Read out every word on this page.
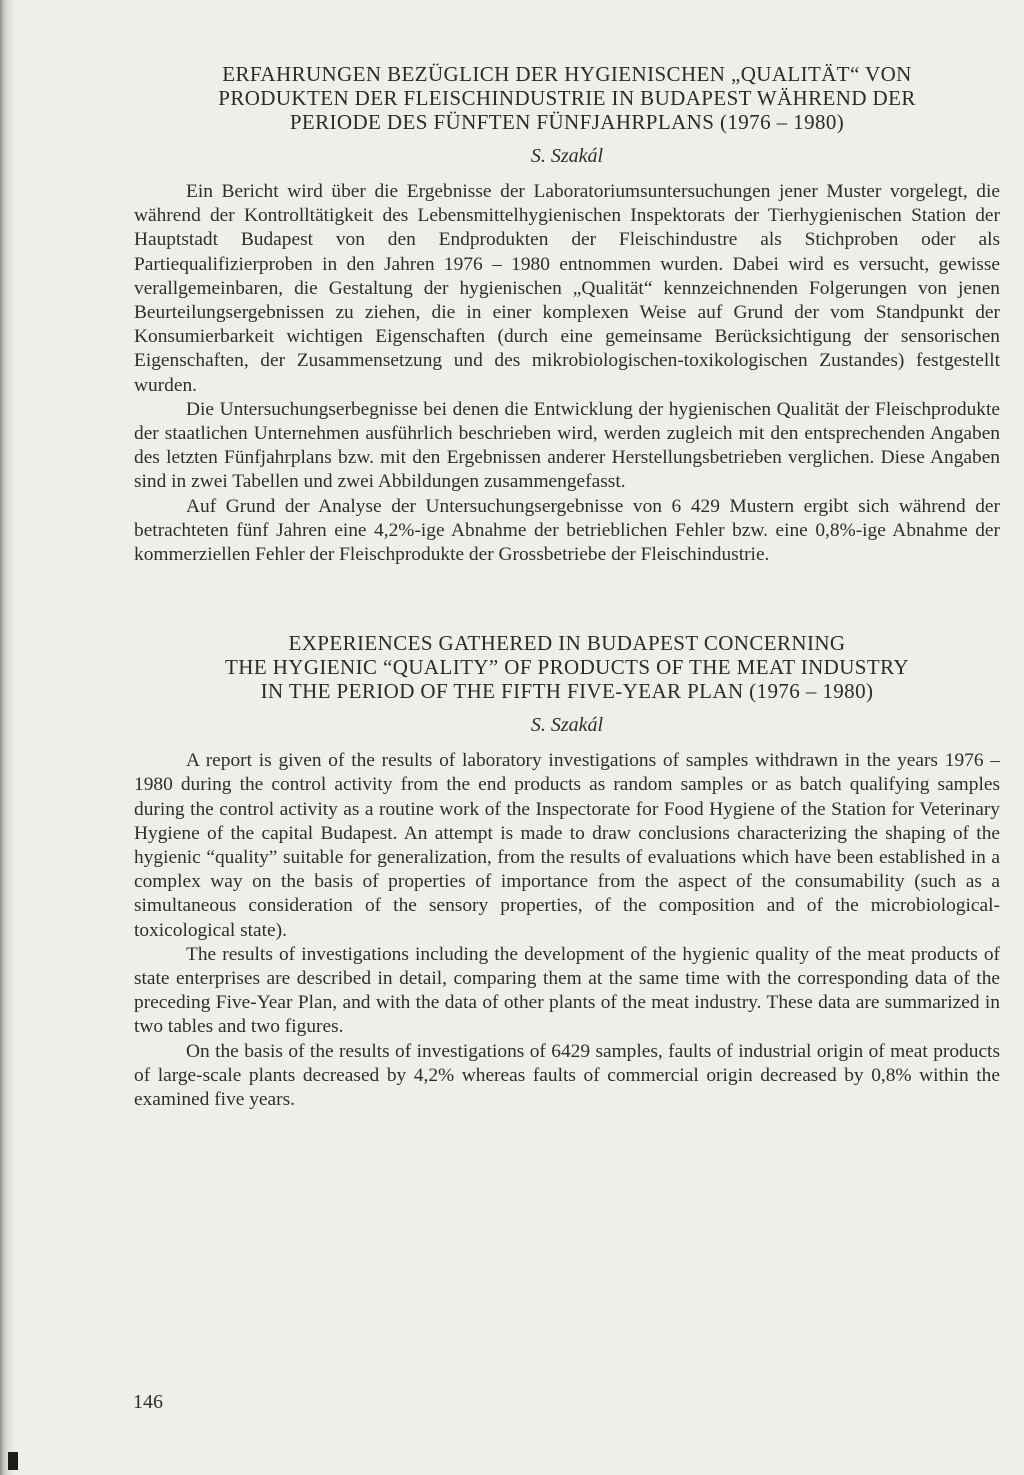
ERFAHRUNGEN BEZÜGLICH DER HYGIENISCHEN „QUALITÄT“ VON
PRODUKTEN DER FLEISCHINDUSTRIE IN BUDAPEST WÄHREND DER
PERIODE DES FÜNFTEN FÜNFJAHRPLANS (1976 – 1980)
S. Szakál

Ein Bericht wird über die Ergebnisse der Laboratoriumsuntersuchungen jener Muster vorgelegt, die während der Kontrolltätigkeit des Lebensmittelhygienischen Inspektorats der Tierhygienischen Station der Hauptstadt Budapest von den Endprodukten der Fleischindustre als Stichproben oder als Partiequalifizierproben in den Jahren 1976 – 1980 entnommen wurden. Dabei wird es versucht, gewisse verallgemeinbaren, die Gestaltung der hygienischen „Qualität“ kennzeichnenden Folgerungen von jenen Beurteilungsergebnissen zu ziehen, die in einer komplexen Weise auf Grund der vom Standpunkt der Konsumierbarkeit wichtigen Eigenschaften (durch eine gemeinsame Berücksichtigung der sensorischen Eigenschaften, der Zusammensetzung und des mikrobiologischen-toxikologischen Zustandes) festgestellt wurden.

Die Untersuchungserbegnisse bei denen die Entwicklung der hygienischen Qualität der Fleischprodukte der staatlichen Unternehmen ausführlich beschrieben wird, werden zugleich mit den entsprechenden Angaben des letzten Fünfjahrplans bzw. mit den Ergebnissen anderer Herstellungsbetrieben verglichen. Diese Angaben sind in zwei Tabellen und zwei Abbildungen zusammengefasst.

Auf Grund der Analyse der Untersuchungsergebnisse von 6 429 Mustern ergibt sich während der betrachteten fünf Jahren eine 4,2%-ige Abnahme der betrieblichen Fehler bzw. eine 0,8%-ige Abnahme der kommerziellen Fehler der Fleischprodukte der Grossbetriebe der Fleischindustrie.

EXPERIENCES GATHERED IN BUDAPEST CONCERNING
THE HYGIENIC “QUALITY” OF PRODUCTS OF THE MEAT INDUSTRY
IN THE PERIOD OF THE FIFTH FIVE-YEAR PLAN (1976 – 1980)
S. Szakál

A report is given of the results of laboratory investigations of samples withdrawn in the years 1976 – 1980 during the control activity from the end products as random samples or as batch qualifying samples during the control activity as a routine work of the Inspectorate for Food Hygiene of the Station for Veterinary Hygiene of the capital Budapest. An attempt is made to draw conclusions characterizing the shaping of the hygienic “quality” suitable for generalization, from the results of evaluations which have been established in a complex way on the basis of properties of importance from the aspect of the consumability (such as a simultaneous consideration of the sensory properties, of the composition and of the microbiological-toxicological state).

The results of investigations including the development of the hygienic quality of the meat products of state enterprises are described in detail, comparing them at the same time with the corresponding data of the preceding Five-Year Plan, and with the data of other plants of the meat industry. These data are summarized in two tables and two figures.

On the basis of the results of investigations of 6429 samples, faults of industrial origin of meat products of large-scale plants decreased by 4,2% whereas faults of commercial origin decreased by 0,8% within the examined five years.

146
